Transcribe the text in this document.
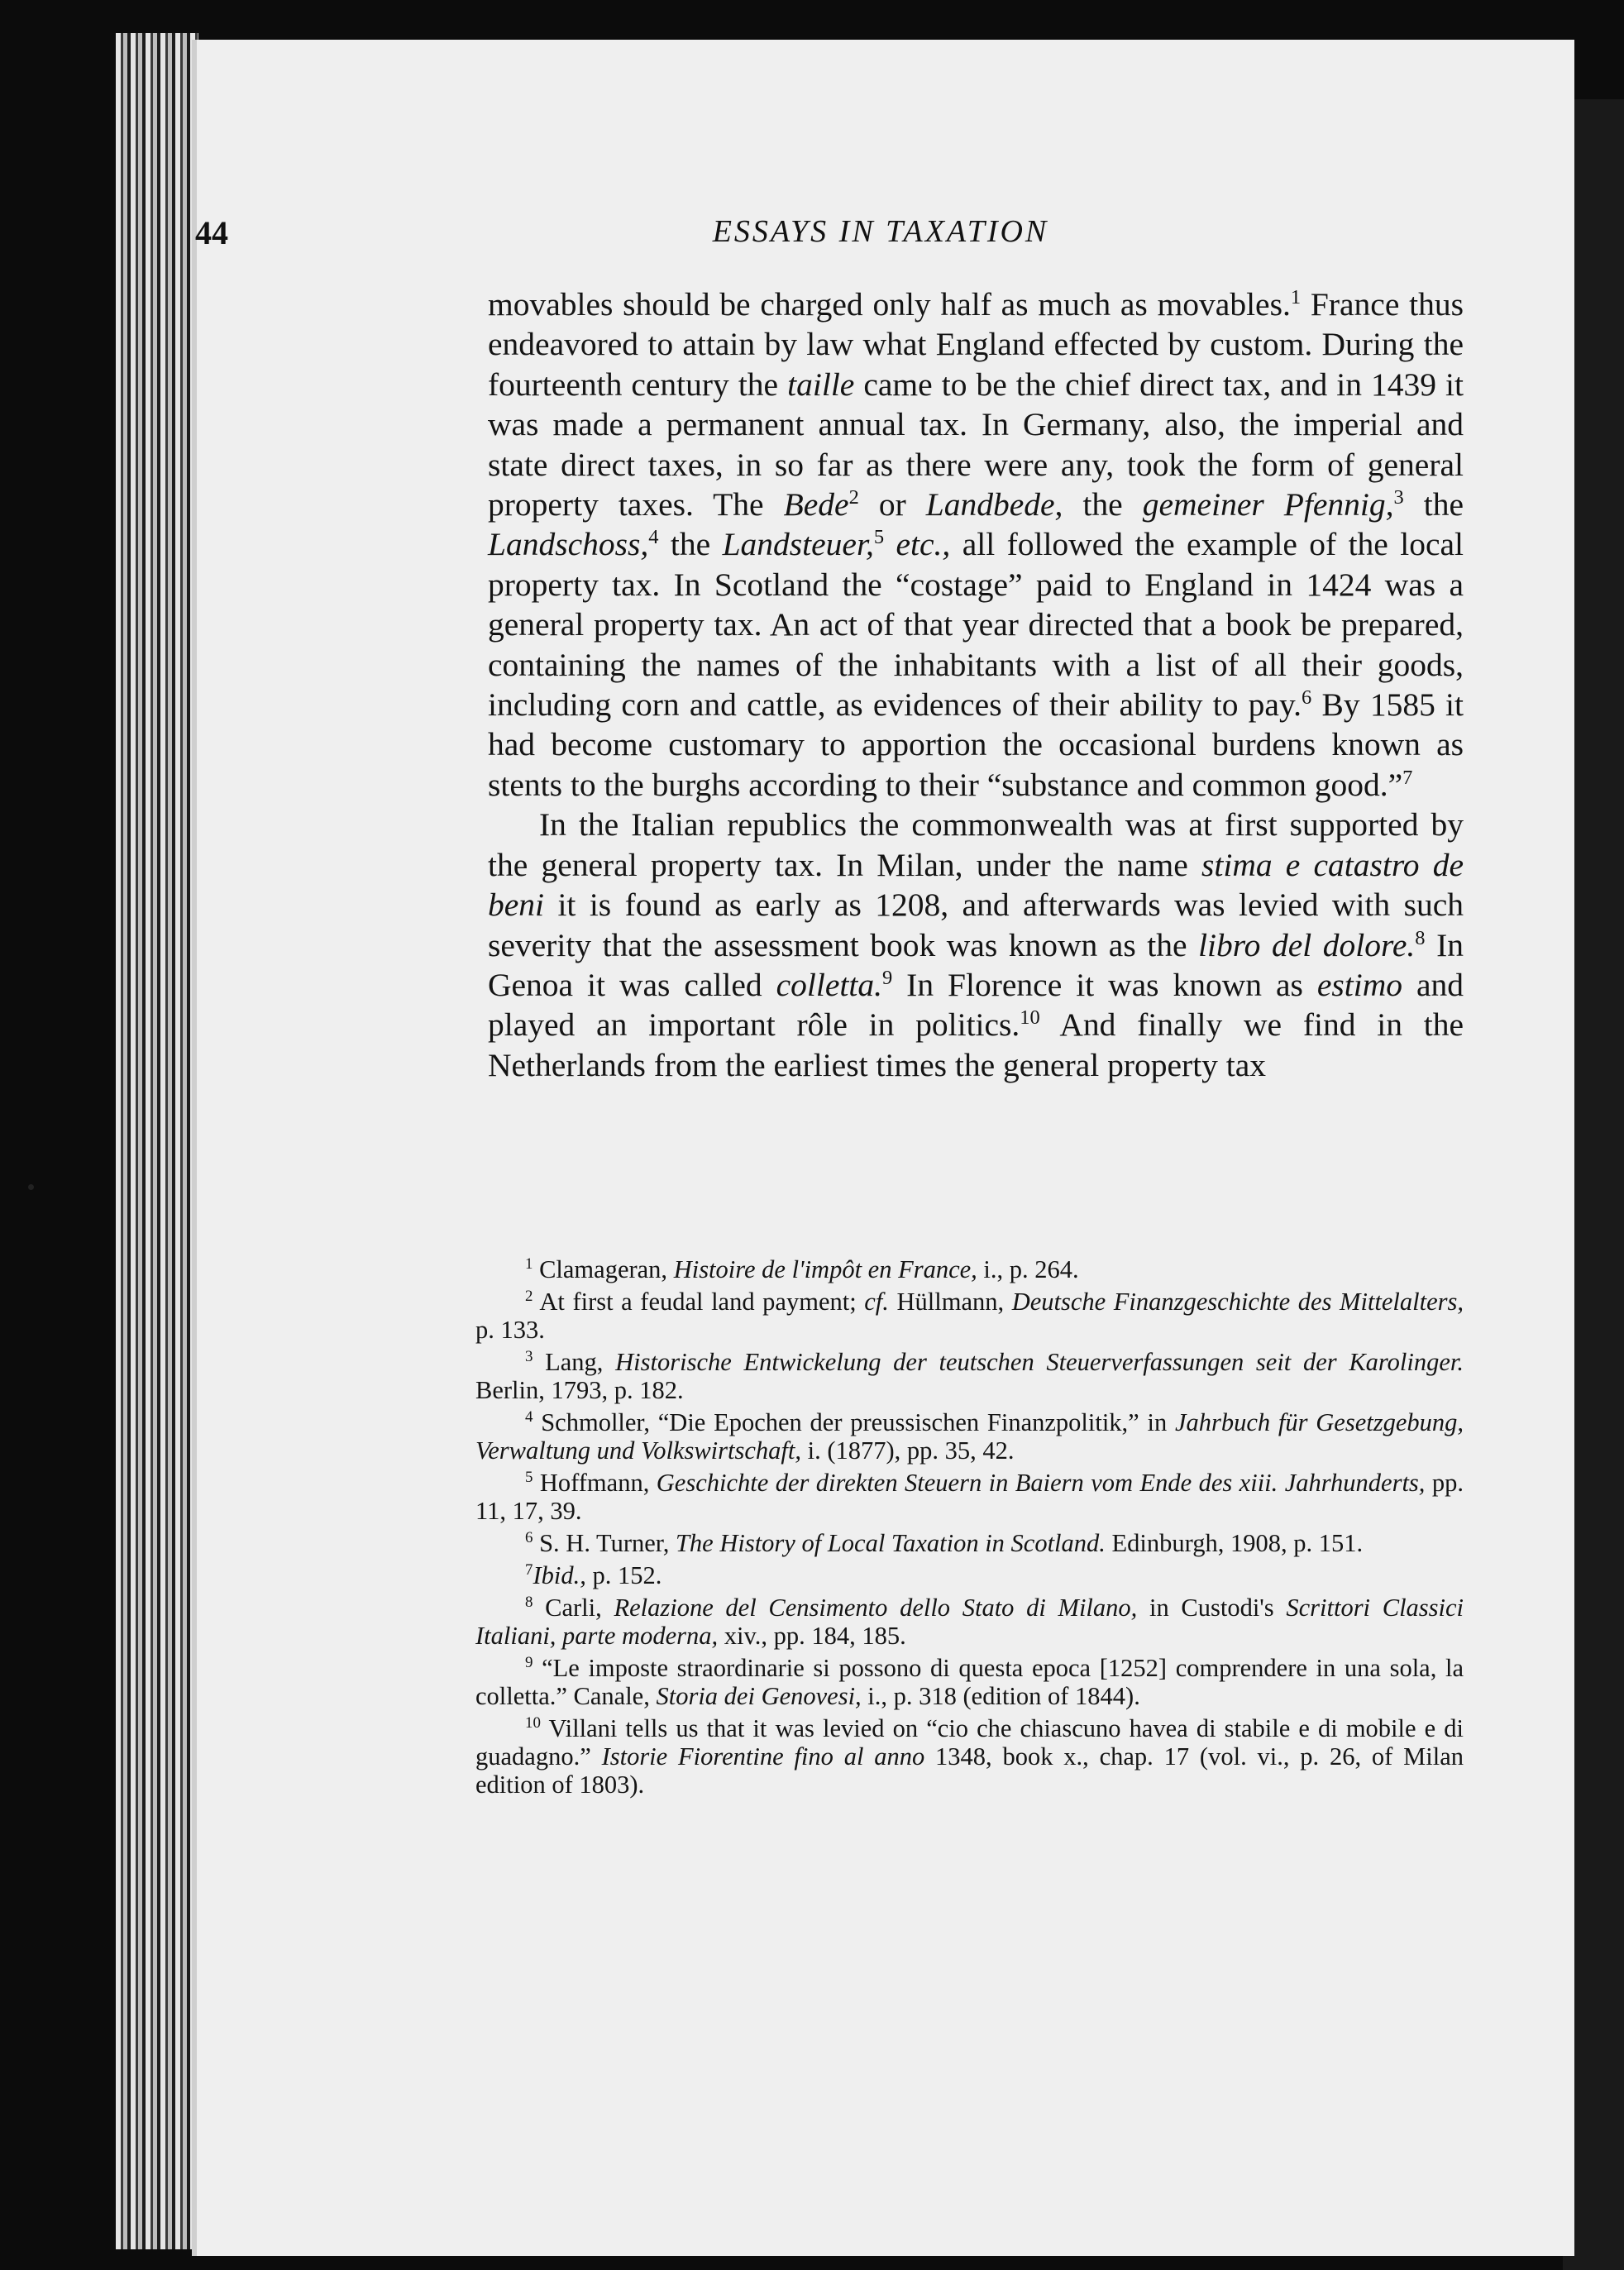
44	ESSAYS IN TAXATION

movables should be charged only half as much as movables.$^1$ France thus endeavored to attain by law what England effected by custom. During the fourteenth century the taille came to be the chief direct tax, and in 1439 it was made a permanent annual tax. In Germany, also, the imperial and state direct taxes, in so far as there were any, took the form of general property taxes. The Bede$^2$ or Landbede, the gemeiner Pfennig,$^3$ the Landschoss,$^4$ the Landsteuer,$^5$ etc., all followed the example of the local property tax. In Scotland the “costage” paid to England in 1424 was a general property tax. An act of that year directed that a book be prepared, containing the names of the inhabitants with a list of all their goods, including corn and cattle, as evidences of their ability to pay.$^6$ By 1585 it had become customary to apportion the occasional burdens known as stents to the burghs according to their “substance and common good.”$^7$

In the Italian republics the commonwealth was at first supported by the general property tax. In Milan, under the name stima e catastro de beni it is found as early as 1208, and afterwards was levied with such severity that the assessment book was known as the libro del dolore.$^8$ In Genoa it was called colletta.$^9$ In Florence it was known as estimo and played an important rôle in politics.$^{10}$ And finally we find in the Netherlands from the earliest times the general property tax

$^1$ Clamageran, Histoire de l'impôt en France, i., p. 264.

$^2$ At first a feudal land payment; cf. Hüllmann, Deutsche Finanzgeschichte des Mittelalters, p. 133.

$^3$ Lang, Historische Entwickelung der teutschen Steuerverfassungen seit der Karolinger. Berlin, 1793, p. 182.

$^4$ Schmoller, “Die Epochen der preussischen Finanzpolitik,” in Jahrbuch für Gesetzgebung, Verwaltung und Volkswirtschaft, i. (1877), pp. 35, 42.

$^5$ Hoffmann, Geschichte der direkten Steuern in Baiern vom Ende des xiii. Jahrhunderts, pp. 11, 17, 39.

$^6$ S. H. Turner, The History of Local Taxation in Scotland. Edinburgh, 1908, p. 151.

$^7$Ibid., p. 152.

$^8$ Carli, Relazione del Censimento dello Stato di Milano, in Custodi's Scrittori Classici Italiani, parte moderna, xiv., pp. 184, 185.

$^9$ “Le imposte straordinarie si possono di questa epoca [1252] comprendere in una sola, la colletta.” Canale, Storia dei Genovesi, i., p. 318 (edition of 1844).

$^{10}$ Villani tells us that it was levied on “cio che chiascuno havea di stabile e di mobile e di guadagno.” Istorie Fiorentine fino al anno 1348, book x., chap. 17 (vol. vi., p. 26, of Milan edition of 1803).
